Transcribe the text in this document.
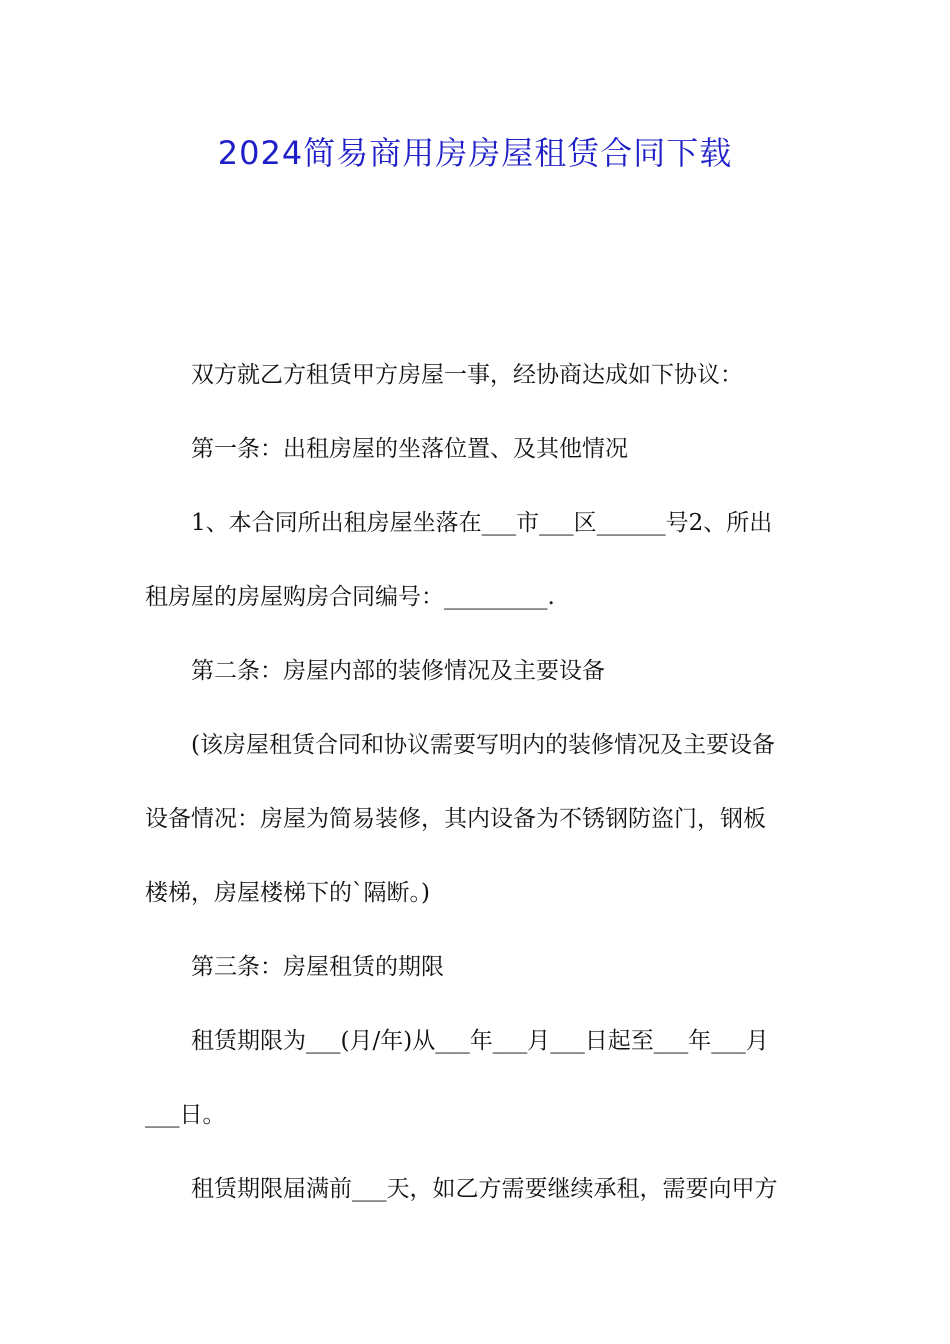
2024简易商用房房屋租赁合同下载
双方就乙方租赁甲方房屋一事，经协商达成如下协议：
第一条：出租房屋的坐落位置、及其他情况
1、本合同所出租房屋坐落在___市___区______号2、所出
租房屋的房屋购房合同编号：_________.
第二条：房屋内部的装修情况及主要设备
(该房屋租赁合同和协议需要写明内的装修情况及主要设备
设备情况：房屋为简易装修，其内设备为不锈钢防盗门，钢板
楼梯，房屋楼梯下的`隔断。)
第三条：房屋租赁的期限
租赁期限为___(月/年)从___年___月___日起至___年___月
___日。
租赁期限届满前___天，如乙方需要继续承租，需要向甲方
